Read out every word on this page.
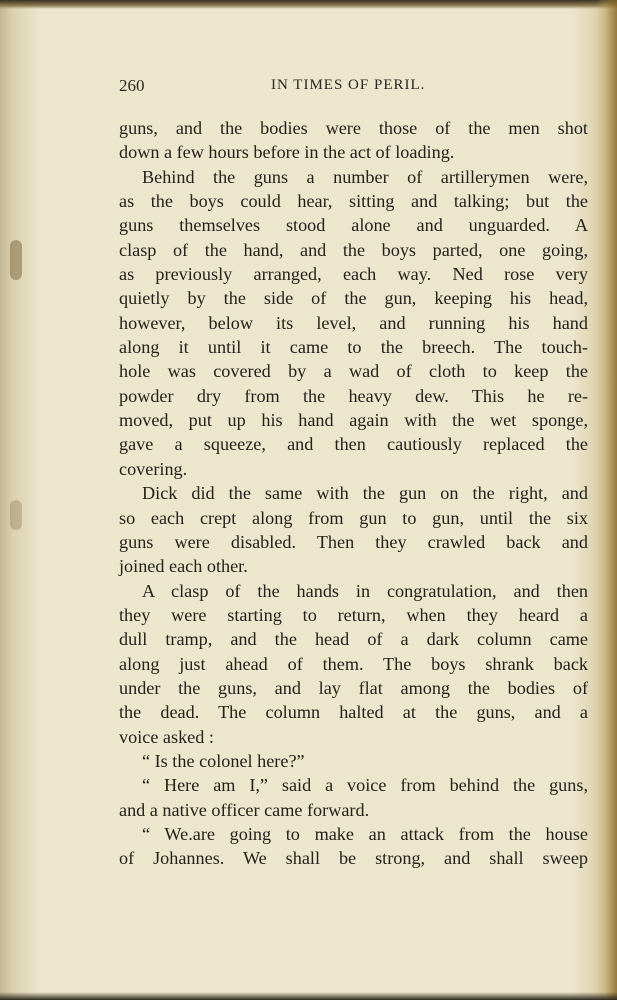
260	IN TIMES OF PERIL.
guns, and the bodies were those of the men shot
down a few hours before in the act of loading.
Behind the guns a number of artillerymen were,
as the boys could hear, sitting and talking; but the
guns themselves stood alone and unguarded. A
clasp of the hand, and the boys parted, one going,
as previously arranged, each way. Ned rose very
quietly by the side of the gun, keeping his head,
however, below its level, and running his hand
along it until it came to the breech. The touch-
hole was covered by a wad of cloth to keep the
powder dry from the heavy dew. This he re-
moved, put up his hand again with the wet sponge,
gave a squeeze, and then cautiously replaced the
covering.
Dick did the same with the gun on the right, and
so each crept along from gun to gun, until the six
guns were disabled. Then they crawled back and
joined each other.
A clasp of the hands in congratulation, and then
they were starting to return, when they heard a
dull tramp, and the head of a dark column came
along just ahead of them. The boys shrank back
under the guns, and lay flat among the bodies of
the dead. The column halted at the guns, and a
voice asked :
“ Is the colonel here?”
“ Here am I,” said a voice from behind the guns,
and a native officer came forward.
“ We.are going to make an attack from the house
of Johannes. We shall be strong, and shall sweep
